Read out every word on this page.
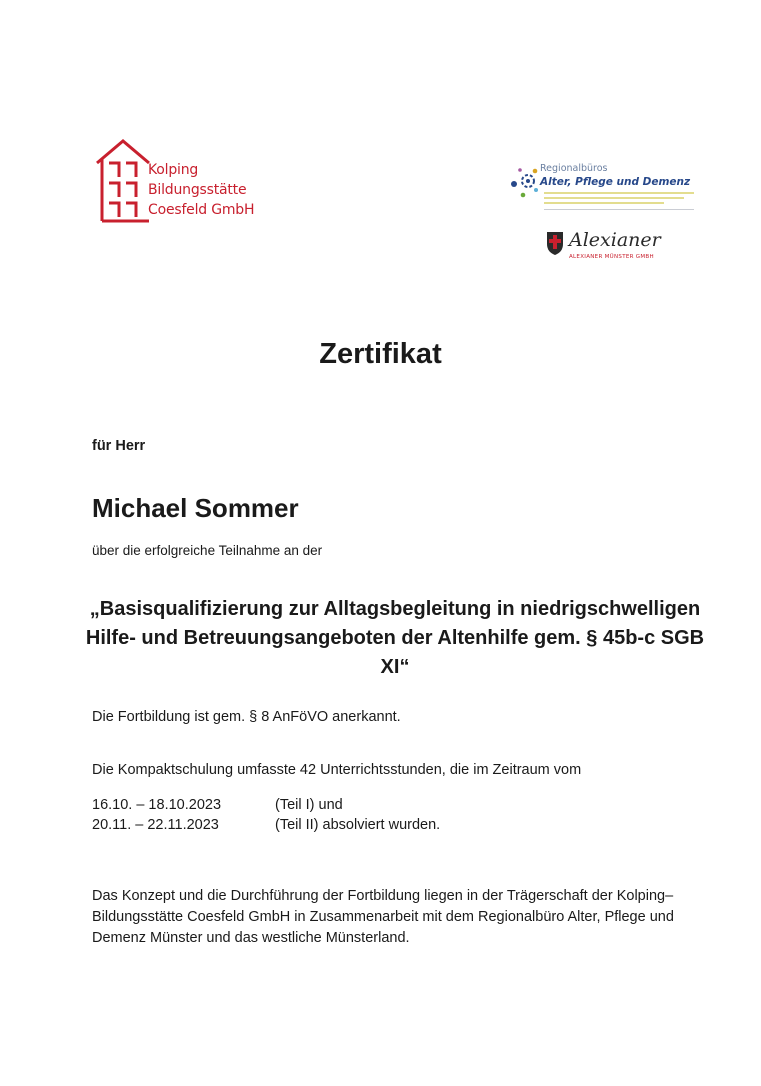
Kolping
Bildungsstätte
Coesfeld GmbH
Regionalbüros
Alter, Pflege und Demenz
Alexianer
ALEXIANER MÜNSTER GMBH
Zertifikat
für Herr
Michael Sommer
über die erfolgreiche Teilnahme an der
„Basisqualifizierung zur Alltagsbegleitung in niedrigschwelligen Hilfe- und Betreuungsangeboten der Altenhilfe gem. § 45b-c SGB XI“
Die Fortbildung ist gem. § 8 AnFöVO anerkannt.
Die Kompaktschulung umfasste 42 Unterrichtsstunden, die im Zeitraum vom
16.10. – 18.10.2023	(Teil I) und
20.11. – 22.11.2023	(Teil II) absolviert wurden.
Das Konzept und die Durchführung der Fortbildung liegen in der Trägerschaft der Kolping–Bildungsstätte Coesfeld GmbH in Zusammenarbeit mit dem Regionalbüro Alter, Pflege und Demenz Münster und das westliche Münsterland.
